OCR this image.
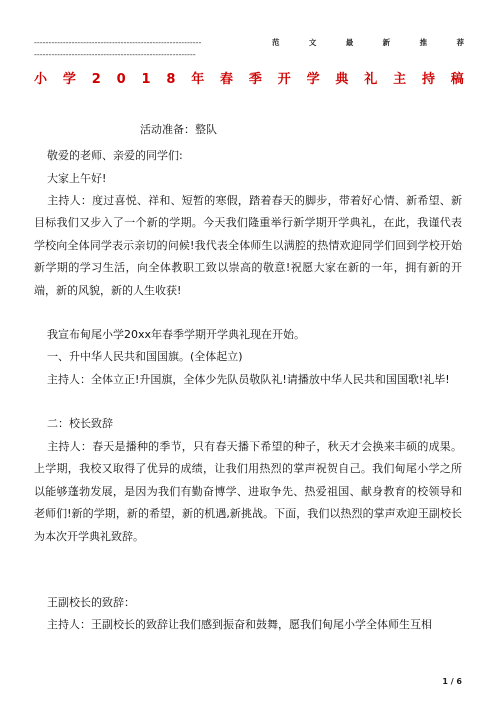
----------------------------------------------------------	范	文	最	新	推	荐
--------------------------------------------------------
小 学 2 0 1 8 年 春 季 开 学 典 礼 主 持 稿
活动准备：整队

敬爱的老师、亲爱的同学们:

大家上午好!

主持人：度过喜悦、祥和、短暂的寒假，踏着春天的脚步，带着好心情、新希望、新目标我们又步入了一个新的学期。今天我们隆重举行新学期开学典礼，在此，我谨代表学校向全体同学表示亲切的问候!我代表全体师生以满腔的热情欢迎同学们回到学校开始新学期的学习生活，向全体教职工致以崇高的敬意!祝愿大家在新的一年，拥有新的开端，新的风貌，新的人生收获!

我宣布甸尾小学20xx年春季学期开学典礼现在开始。

一、升中华人民共和国国旗。(全体起立)

主持人：全体立正!升国旗，全体少先队员敬队礼!请播放中华人民共和国国歌!礼毕!

二：校长致辞

主持人：春天是播种的季节，只有春天播下希望的种子，秋天才会换来丰硕的成果。上学期，我校又取得了优异的成绩，让我们用热烈的掌声祝贺自己。我们甸尾小学之所以能够蓬勃发展，是因为我们有勤奋博学、进取争先、热爱祖国、献身教育的校领导和老师们!新的学期，新的希望，新的机遇,新挑战。下面，我们以热烈的掌声欢迎王副校长为本次开学典礼致辞。

王副校长的致辞：

主持人：王副校长的致辞让我们感到振奋和鼓舞，愿我们甸尾小学全体师生互相

1 / 6
